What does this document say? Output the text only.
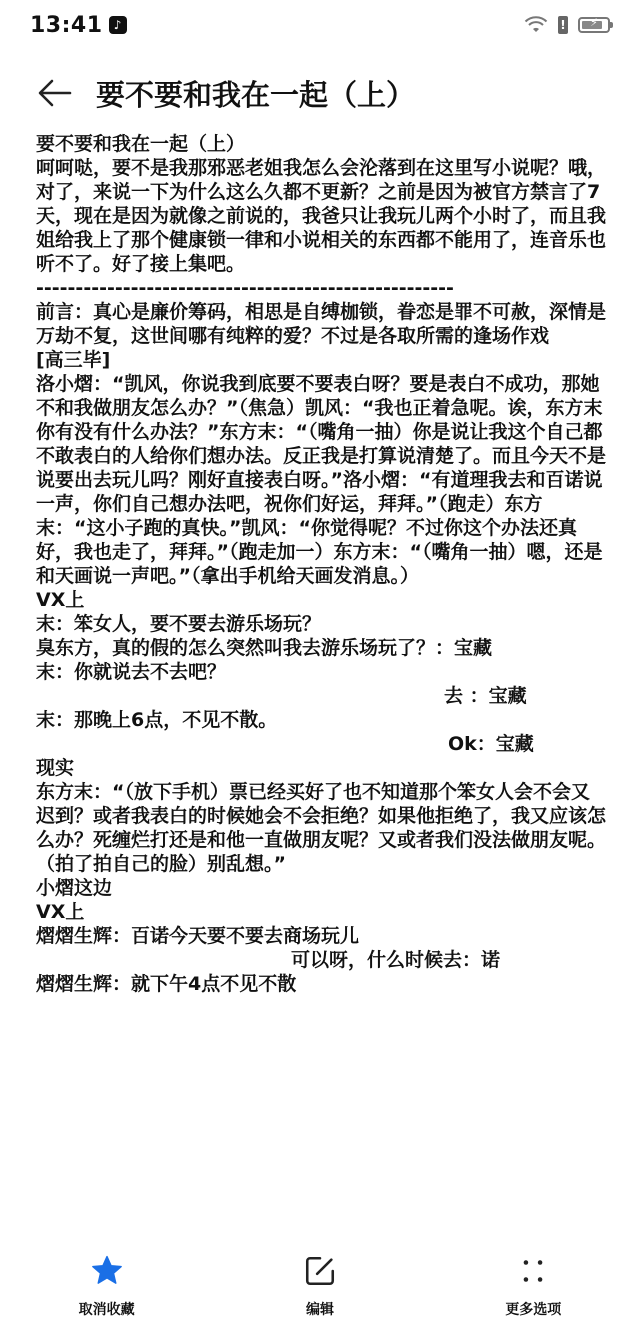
13:41 ♪	!	⚡
要不要和我在一起（上）

要不要和我在一起（上）

呵呵哒，要不是我那邪恶老姐我怎么会沦落到在这里写小说呢？哦，对了，来说一下为什么这么久都不更新？之前是因为被官方禁言了7天，现在是因为就像之前说的，我爸只让我玩儿两个小时了，而且我姐给我上了那个健康锁一律和小说相关的东西都不能用了，连音乐也听不了。好了接上集吧。

-----------------------------------------------------

前言：真心是廉价筹码，相思是自缚枷锁，眷恋是罪不可赦，深情是万劫不复，这世间哪有纯粹的爱？不过是各取所需的逢场作戏

[高三毕]

洛小熠：“凯风，你说我到底要不要表白呀？要是表白不成功，那她不和我做朋友怎么办？”（焦急）凯风：“我也正着急呢。诶，东方末你有没有什么办法？”东方末：“（嘴角一抽）你是说让我这个自己都不敢表白的人给你们想办法。反正我是打算说清楚了。而且今天不是说要出去玩儿吗？刚好直接表白呀。”洛小熠：“有道理我去和百诺说一声，你们自己想办法吧，祝你们好运，拜拜。”（跑走）东方末：“这小子跑的真快。”凯风：“你觉得呢？不过你这个办法还真好，我也走了，拜拜。”（跑走加一）东方末：“（嘴角一抽）嗯，还是和天画说一声吧。”（拿出手机给天画发消息。）

VX上

末：笨女人，要不要去游乐场玩？

臭东方，真的假的怎么突然叫我去游乐场玩了？：宝藏

末：你就说去不去吧？

去 ：宝藏

末：那晚上6点，不见不散。

Ok：宝藏

现实

东方末：“（放下手机）票已经买好了也不知道那个笨女人会不会又迟到？或者我表白的时候她会不会拒绝？如果他拒绝了，我又应该怎么办？死缠烂打还是和他一直做朋友呢？又或者我们没法做朋友呢。（拍了拍自己的脸）别乱想。”

小熠这边

VX上

熠熠生辉：百诺今天要不要去商场玩儿

可以呀，什么时候去：诺

熠熠生辉：就下午4点不见不散

取消收藏	编辑	更多选项
